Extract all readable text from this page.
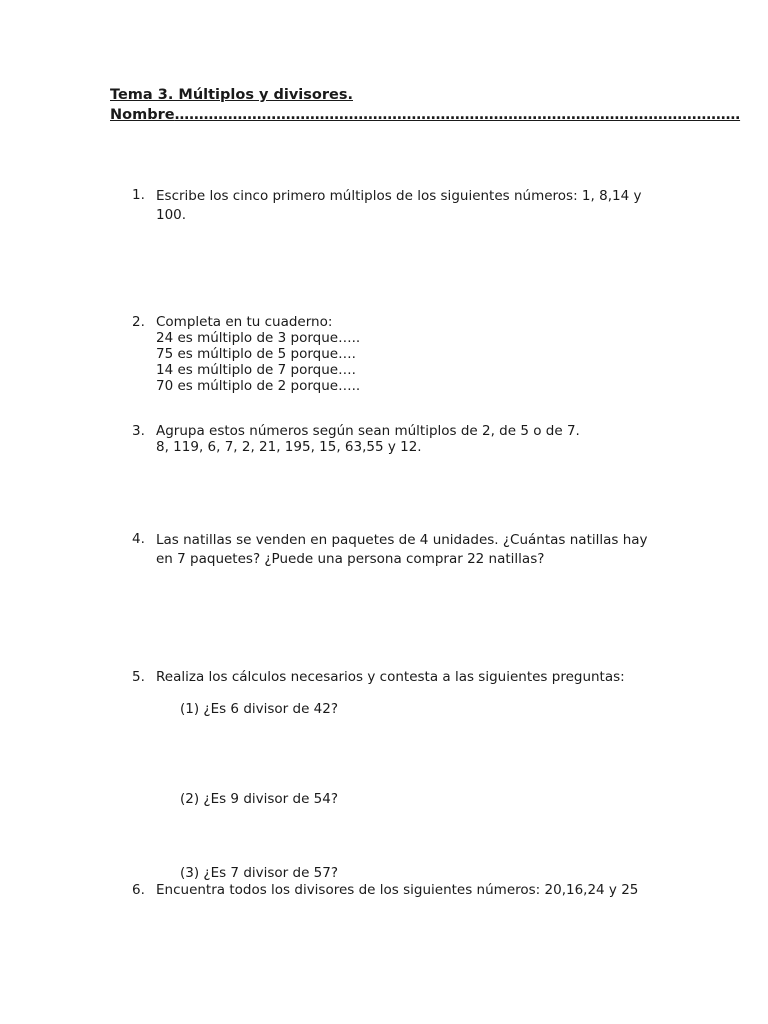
Tema 3. Múltiplos y divisores.
Nombre………………………………………………………………………………………………………
1. Escribe los cinco primero múltiplos de los siguientes números: 1, 8,14 y 100.
2. Completa en tu cuaderno:
24 es múltiplo de 3 porque…..
75 es múltiplo de 5 porque….
14 es múltiplo de 7 porque….
70 es múltiplo de 2 porque…..
3. Agrupa estos números según sean múltiplos de 2, de 5 o de 7.
8, 119, 6, 7, 2, 21, 195, 15, 63,55 y 12.
4. Las natillas se venden en paquetes de 4 unidades. ¿Cuántas natillas hay en 7 paquetes? ¿Puede una persona comprar 22 natillas?
5. Realiza los cálculos necesarios y contesta a las siguientes preguntas:
(1) ¿Es 6 divisor de 42?
(2) ¿Es 9 divisor de 54?
(3) ¿Es 7 divisor de 57?
6. Encuentra todos los divisores de los siguientes números: 20,16,24 y 25
